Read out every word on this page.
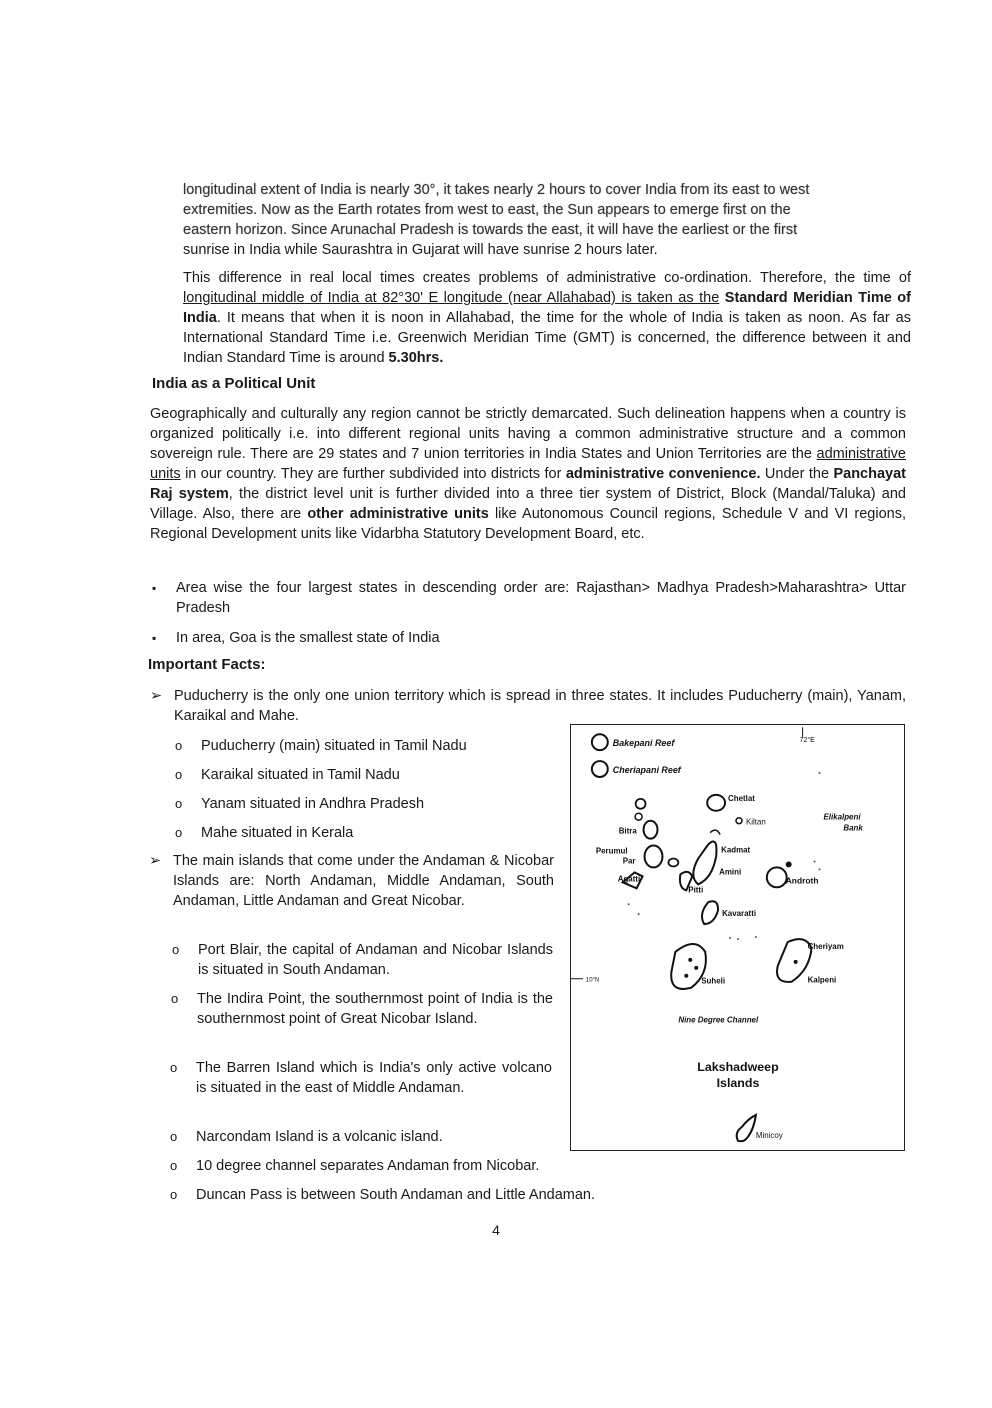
longitudinal extent of India is nearly 30°, it takes nearly 2 hours to cover India from its east to west

extremities. Now as the Earth rotates from west to east, the Sun appears to emerge first on the

eastern horizon. Since Arunachal Pradesh is towards the east, it will have the earliest or the first

sunrise in India while Saurashtra in Gujarat will have sunrise 2 hours later.

This difference in real local times creates problems of administrative co-ordination. Therefore, the time of longitudinal middle of India at 82°30' E longitude (near Allahabad) is taken as the Standard Meridian Time of India. It means that when it is noon in Allahabad, the time for the whole of India is taken as noon. As far as International Standard Time i.e. Greenwich Meridian Time (GMT) is concerned, the difference between it and Indian Standard Time is around 5.30hrs.

India as a Political Unit

Geographically and culturally any region cannot be strictly demarcated. Such delineation happens when a country is organized politically i.e. into different regional units having a common administrative structure and a common sovereign rule. There are 29 states and 7 union territories in India States and Union Territories are the administrative units in our country. They are further subdivided into districts for administrative convenience. Under the Panchayat Raj system, the district level unit is further divided into a three tier system of District, Block (Mandal/Taluka) and Village. Also, there are other administrative units like Autonomous Council regions, Schedule V and VI regions, Regional Development units like Vidarbha Statutory Development Board, etc.

▪ Area wise the four largest states in descending order are: Rajasthan> Madhya Pradesh>Maharashtra> Uttar Pradesh
▪ In area, Goa is the smallest state of India
Important Facts:
➢ Puducherry is the only one union territory which is spread in three states. It includes Puducherry (main), Yanam, Karaikal and Mahe.
o Puducherry (main) situated in Tamil Nadu
o Karaikal situated in Tamil Nadu
o Yanam situated in Andhra Pradesh
o Mahe situated in Kerala
➢ The main islands that come under the Andaman & Nicobar Islands are: North Andaman, Middle Andaman, South Andaman, Little Andaman and Great Nicobar.
o Port Blair, the capital of Andaman and Nicobar Islands is situated in South Andaman.
o The Indira Point, the southernmost point of India is the southernmost point of Great Nicobar Island.
o The Barren Island which is India's only active volcano is situated in the east of Middle Andaman.
o Narcondam Island is a volcanic island.
o 10 degree channel separates Andaman from Nicobar.
o Duncan Pass is between South Andaman and Little Andaman.
Bakepani Reef
Cheriapani Reef
72°E
Bitra
Chetlat
Kiltan
Elikalpeni
Bank
Perumul
Par
Kadmat
Amini
Agatti
Pitti
Androth
Kavaratti
Suheli
Cheriyam
Kalpeni
10°N
Nine Degree Channel
Lakshadweep
Islands
Minicoy
4
